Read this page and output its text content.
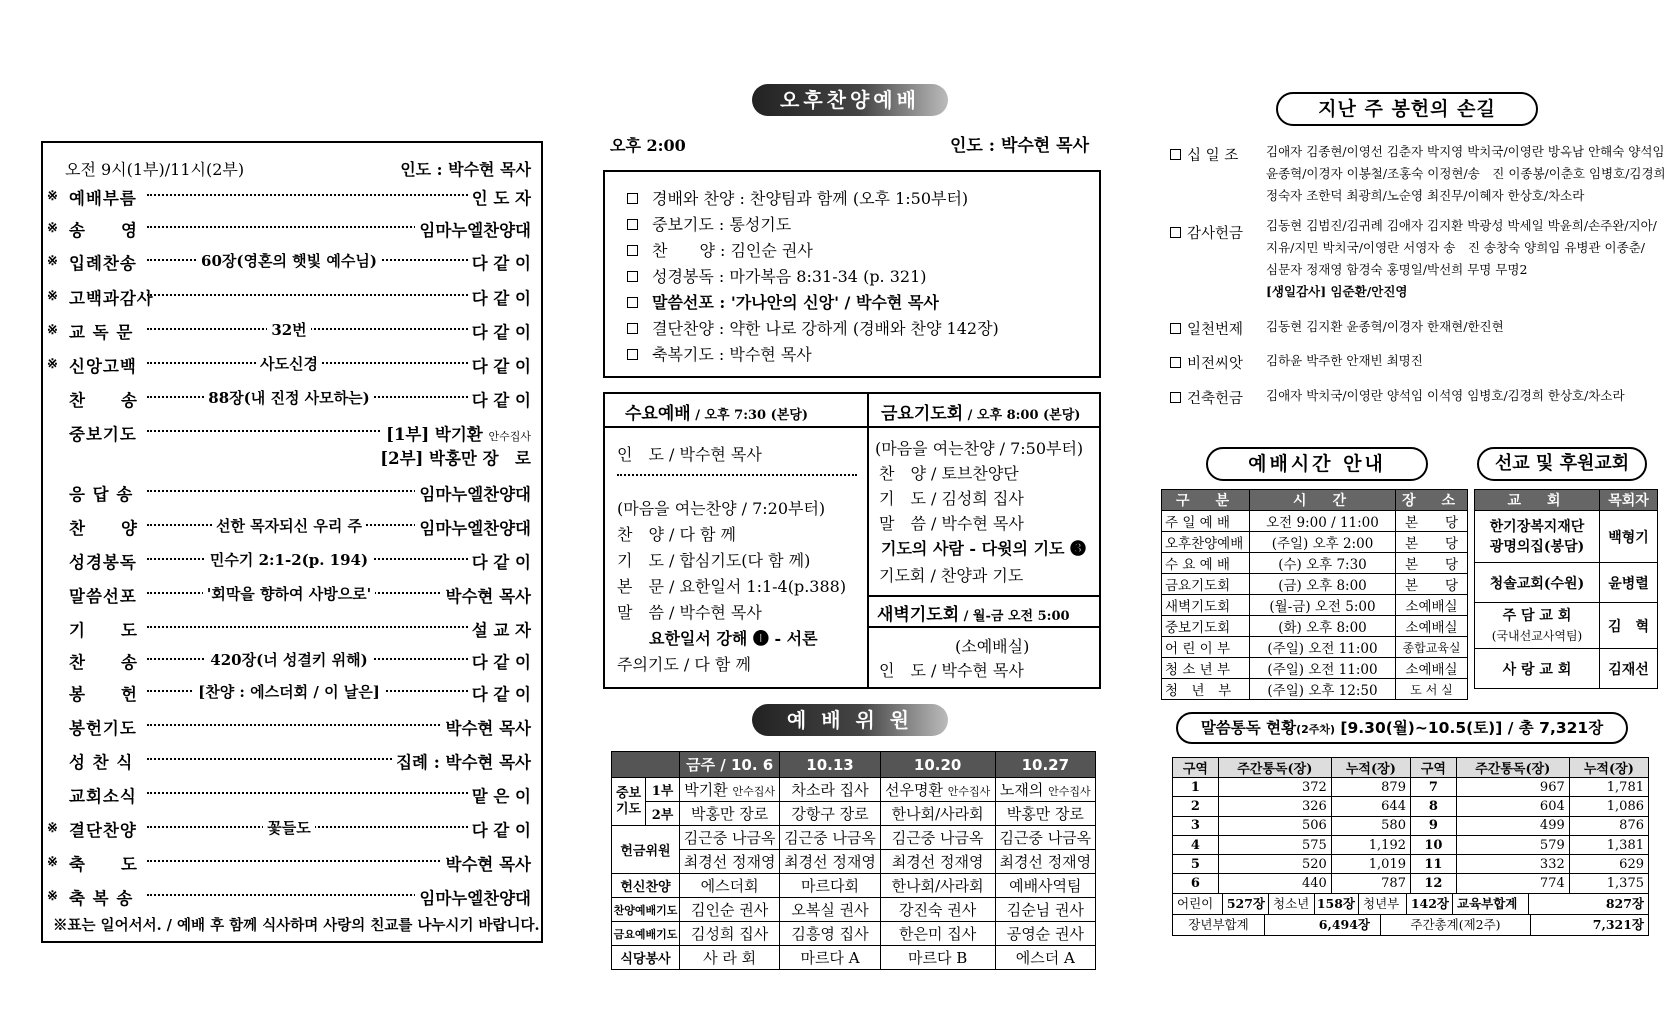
오전 9시(1부)/11시(2부)	인도 : 박수현 목사
※ 예배부름	인 도 자
※ 송　　영	임마누엘찬양대
※ 입례찬송	60장(영혼의 햇빛 예수님)	다 같 이
※ 고백과감사	다 같 이
※ 교 독 문	32번	다 같 이
※ 신앙고백	사도신경	다 같 이
찬　　송	88장(내 진정 사모하는)	다 같 이
중보기도	[1부] 박기환 안수집사
[2부] 박홍만 장　로
응 답 송	임마누엘찬양대
찬　　양	선한 목자되신 우리 주	임마누엘찬양대
성경봉독	민수기 2:1-2(p. 194)	다 같 이
말씀선포	'회막을 향하여 사방으로'	박수현 목사
기　　도	설 교 자
찬　　송	420장(너 성결키 위해)	다 같 이
봉　　헌	[찬양 : 에스더회 / 이 날은]	다 같 이
봉헌기도	박수현 목사
성 찬 식	집례 : 박수현 목사
교회소식	맡 은 이
※ 결단찬양	꽃들도	다 같 이
※ 축　　도	박수현 목사
※ 축 복 송	임마누엘찬양대
※표는 일어서서. / 예배 후 함께 식사하며 사랑의 친교를 나누시기 바랍니다.
오후찬양예배
오후 2:00	인도 : 박수현 목사
경배와 찬양 : 찬양팀과 함께 (오후 1:50부터)
중보기도 : 통성기도
찬　　양 : 김인순 권사
성경봉독 : 마가복음 8:31-34 (p. 321)
말씀선포 : '가나안의 신앙' / 박수현 목사
결단찬양 : 약한 나로 강하게 (경배와 찬양 142장)
축복기도 : 박수현 목사
수요예배 / 오후 7:30 (본당)
인　도 / 박수현 목사
(마음을 여는찬양 / 7:20부터)
찬　양 / 다 함 께
기　도 / 합심기도(다 함 께)
본　문 / 요한일서 1:1-4(p.388)
말　씀 / 박수현 목사
요한일서 강해 ❶ - 서론
주의기도 / 다 함 께
금요기도회 / 오후 8:00 (본당)
(마음을 여는찬양 / 7:50부터)
찬　양 / 토브찬양단
기　도 / 김성희 집사
말　씀 / 박수현 목사
기도의 사람 - 다윗의 기도 ❸
기도회 / 찬양과 기도
새벽기도회 / 월-금 오전 5:00
(소예배실)
인　도 / 박수현 목사
예 배 위 원
		금주 / 10. 6	10.13	10.20	10.27
중보기도	1부	박기환 안수집사	차소라 집사	선우명환 안수집사	노재의 안수집사
	2부	박홍만 장로	강항구 장로	한나회/사라회	박홍만 장로
헌금위원		김근중 나금옥	김근중 나금옥	김근중 나금옥	김근중 나금옥
		최경선 정재영	최경선 정재영	최경선 정재영	최경선 정재영
헌신찬양		에스더회	마르다회	한나회/사라회	예배사역팀
찬양예배기도		김인순 권사	오복실 권사	강진숙 권사	김순님 권사
금요예배기도		김성희 집사	김흥영 집사	한은미 집사	공영순 권사
식당봉사		사 라 회	마르다 A	마르다 B	에스더 A
지난 주 봉헌의 손길
십 일 조 김애자 김종현/이영선 김춘자 박지영 박치국/이영란 방옥남 안해숙 양석임
윤종혁/이경자 이봉철/조홍숙 이정현/송　진 이종봉/이춘호 임병호/김경희
정숙자 조한덕 최광희/노순영 최진무/이혜자 한상호/차소라
감사헌금
김동현 김범진/김귀례 김애자 김지환 박광성 박세일 박윤희/손주완/지아/
지유/지민 박치국/이영란 서영자 송　진 송창숙 양희임 유병관 이종춘/
심문자 정재영 함경숙 홍명일/박선희 무명 무명2
[생일감사] 임준환/안진영
일천번제 김동현 김지환 윤종혁/이경자 한재현/한진현
비전씨앗 김하윤 박주한 안재빈 최명진
건축헌금 김애자 박치국/이영란 양석임 이석영 임병호/김경희 한상호/차소라
예배시간 안내	선교 및 후원교회
구　분	시　간	장　소
주 일 예 배	오전 9:00 / 11:00	본　　당
오후찬양예배	(주일) 오후 2:00	본　　당
수 요 예 배	(수) 오후 7:30	본　　당
금요기도회	(금) 오후 8:00	본　　당
새벽기도회	(월-금) 오전 5:00	소예배실
중보기도회	(화) 오후 8:00	소예배실
어 린 이 부	(주일) 오전 11:00	종합교육실
청 소 년 부	(주일) 오전 11:00	소예배실
청　년　부	(주일) 오후 12:50	도 서 실
교　회	목회자

한기장복지재단
광명의집(봉담)	백형기
청솔교회(수원)	윤병렬

주 담 교 회
(국내선교사역팀)	김　혁
사 랑 교 회	김재선
말씀통독 현황(2주차) [9.30(월)~10.5(토)] / 총 7,321장
구역	주간통독(장)	누적(장)	구역	주간통독(장)	누적(장)
1	372	879	7	967	1,781
2	326	644	8	604	1,086
3	506	580	9	499	876
4	575	1,192	10	579	1,381
5	520	1,019	11	332	629
6	440	787	12	774	1,375
어린이	527장 청소년 158장 청년부 142장 교육부합계	827장
장년부합계	6,494장	주간총계(제2주)	7,321장
